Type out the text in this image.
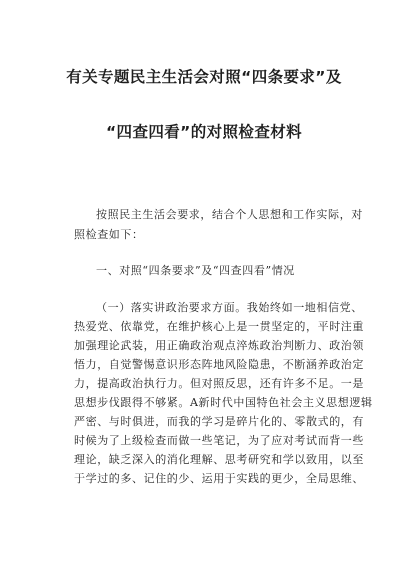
有关专题民主生活会对照“四条要求”及
“四查四看”的对照检查材料
按照民主生活会要求，结合个人思想和工作实际，对
照检查如下：
一、对照“四条要求”及“四查四看”情况
（一）落实讲政治要求方面。我始终如一地相信党、
热爱党、依靠党，在维护核心上是一贯坚定的，平时注重
加强理论武装，用正确政治观点淬炼政治判断力、政治领
悟力，自觉警惕意识形态阵地风险隐患，不断涵养政治定
力，提高政治执行力。但对照反思，还有许多不足。一是
思想步伐跟得不够紧。A新时代中国特色社会主义思想逻辑
严密、与时俱进，而我的学习是碎片化的、零散式的，有
时候为了上级检查而做一些笔记，为了应对考试而背一些
理论，缺乏深入的消化理解、思考研究和学以致用，以至
于学过的多、记住的少、运用于实践的更少，全局思维、
